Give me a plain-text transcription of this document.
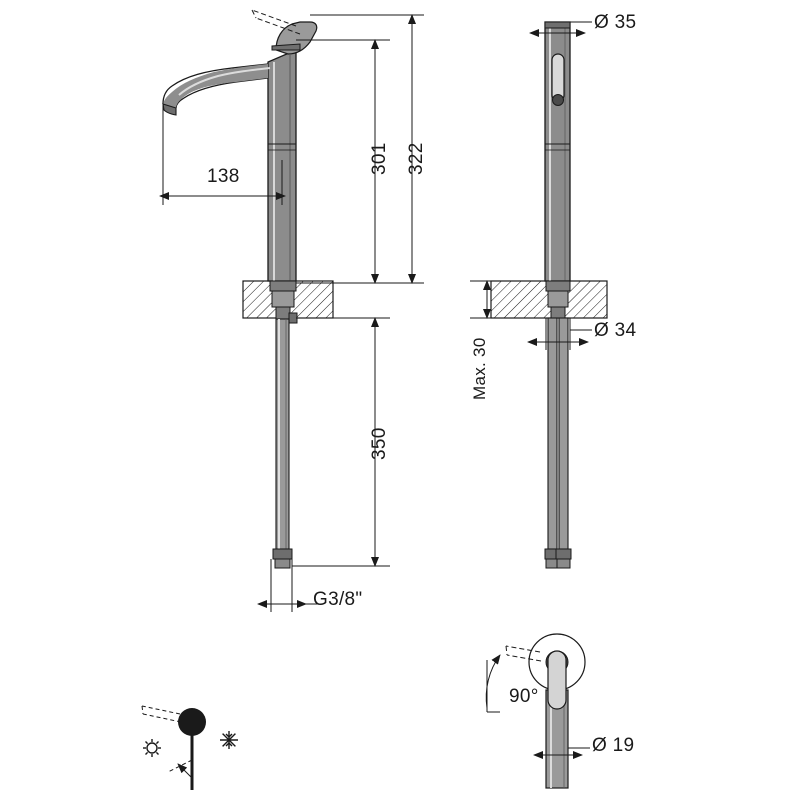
138
301 322
350
G3/8"
Ø 35
Ø 34
Max. 30
90°
Ø 19
